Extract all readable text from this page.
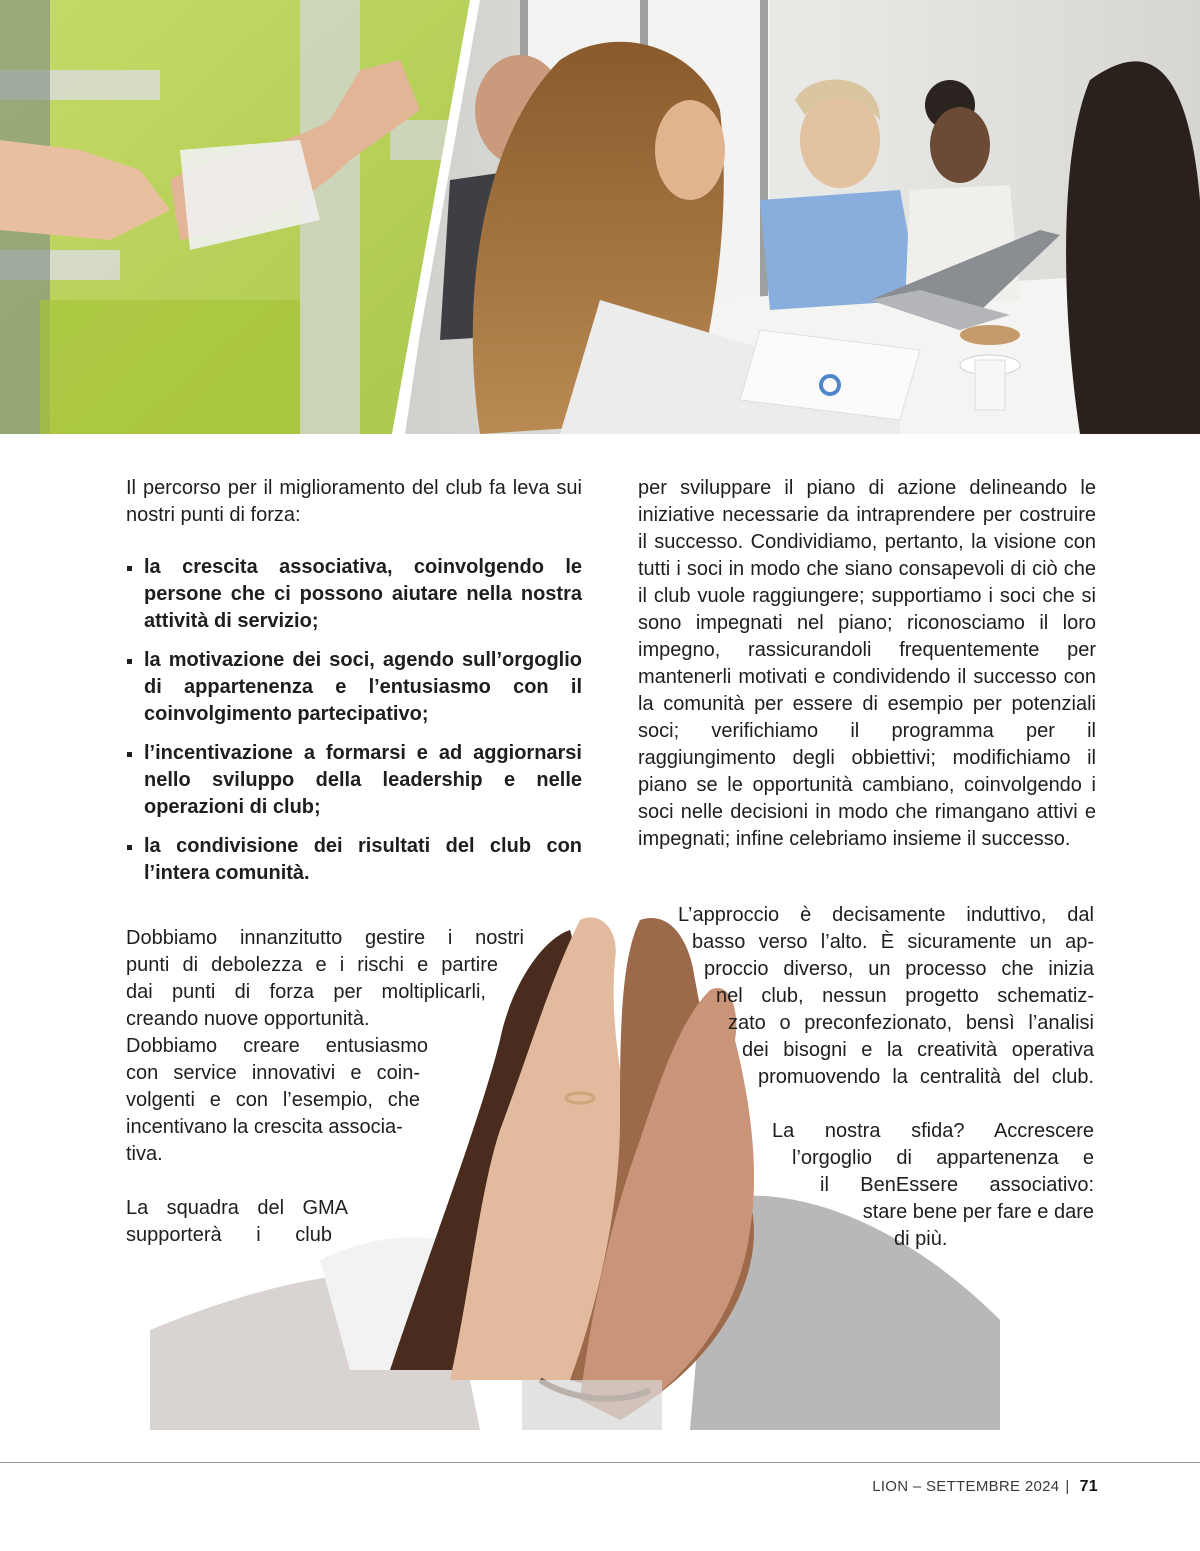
Il percorso per il miglioramento del club fa leva sui nostri punti di forza:

la crescita associativa, coinvolgendo le persone che ci possono aiutare nella nostra attività di servizio;
la motivazione dei soci, agendo sull’orgoglio di appartenenza e l’entusiasmo con il coinvolgimento partecipativo;
l’incentivazione a formarsi e ad aggiornarsi nello sviluppo della leadership e nelle operazioni di club;
la condivisione dei risultati del club con l’intera comunità.

per sviluppare il piano di azione delineando le iniziative necessarie da intraprendere per costruire il successo. Condividiamo, pertanto, la visione con tutti i soci in modo che siano consapevoli di ciò che il club vuole raggiungere; supportiamo i soci che si sono impegnati nel piano; riconosciamo il loro impegno, rassicurandoli frequentemente per mantenerli motivati e condividendo il successo con la comunità per essere di esempio per potenziali soci; verifichiamo il programma per il raggiungimento degli obbiettivi; modifichiamo il piano se le opportunità cambiano, coinvolgendo i soci nelle decisioni in modo che rimangano attivi e impegnati; infine celebriamo insieme il successo.

Dobbiamo innanzitutto gestire i nostri
punti di debolezza e i rischi e partire
dai punti di forza per moltiplicarli,
creando nuove opportunità.
Dobbiamo creare entusiasmo
con service innovativi e coin-
volgenti e con l’esempio, che
incentivano la crescita associa-
tiva.
La squadra del GMA
supporterà i club
L’approccio è decisamente induttivo, dal
basso verso l’alto. È sicuramente un ap-
proccio diverso, un processo che inizia
nel club, nessun progetto schematiz-
zato o preconfezionato, bensì l’analisi
dei bisogni e la creatività operativa
promuovendo la centralità del club.
La nostra sfida? Accrescere
l’orgoglio di appartenenza e
il BenEssere associativo:
stare bene per fare e dare
di più.
LION – SETTEMBRE 2024 | 71
